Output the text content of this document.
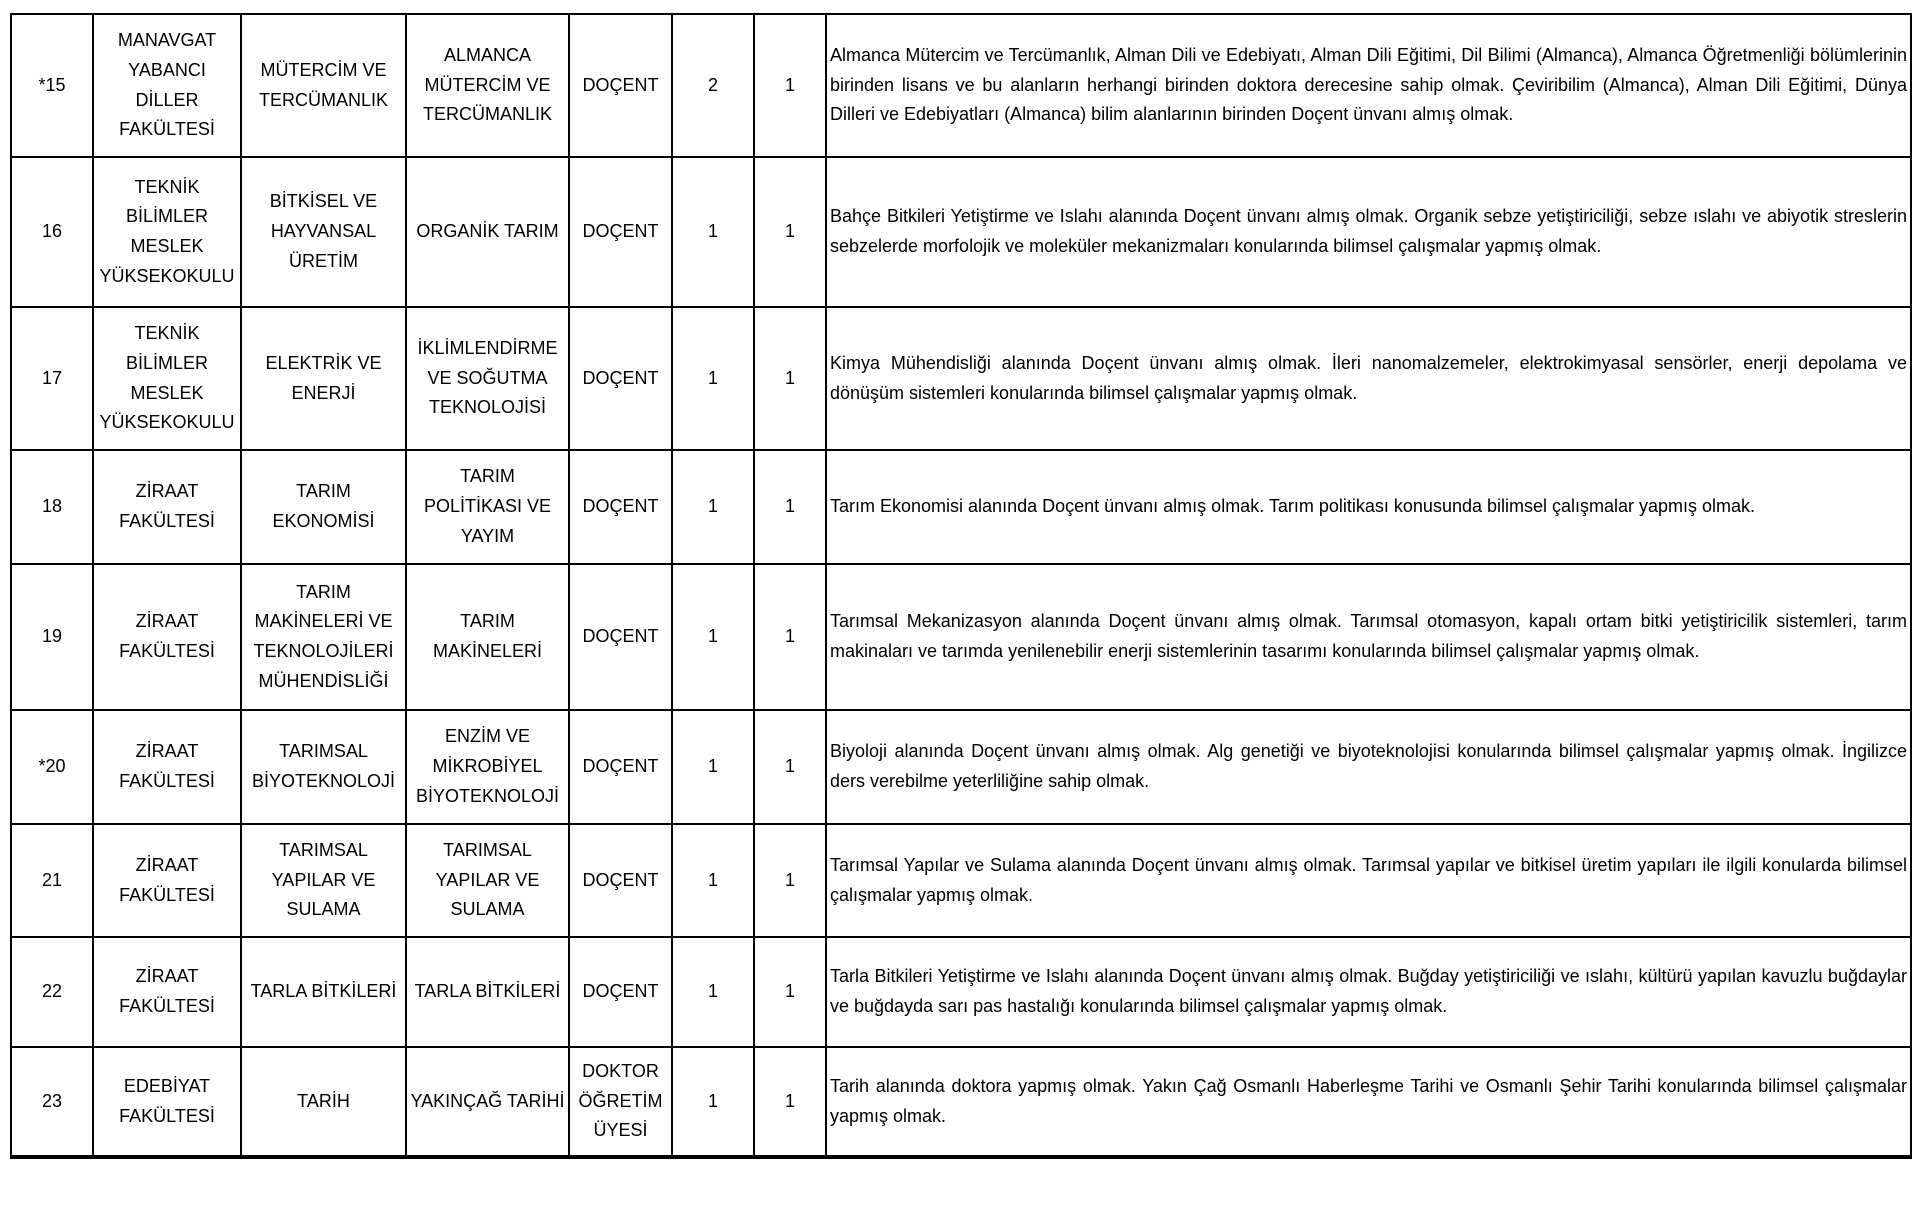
*15	MANAVGAT YABANCI DİLLER FAKÜLTESİ	MÜTERCİM VE TERCÜMANLIK	ALMANCA MÜTERCİM VE TERCÜMANLIK	DOÇENT	2	1	Almanca Mütercim ve Tercümanlık, Alman Dili ve Edebiyatı, Alman Dili Eğitimi, Dil Bilimi (Almanca), Almanca Öğretmenliği bölümlerinin birinden lisans ve bu alanların herhangi birinden doktora derecesine sahip olmak. Çeviribilim (Almanca), Alman Dili Eğitimi, Dünya Dilleri ve Edebiyatları (Almanca) bilim alanlarının birinden Doçent ünvanı almış olmak.
16	TEKNİK BİLİMLER MESLEK YÜKSEKOKULU	BİTKİSEL VE HAYVANSAL ÜRETİM	ORGANİK TARIM	DOÇENT	1	1	Bahçe Bitkileri Yetiştirme ve Islahı alanında Doçent ünvanı almış olmak. Organik sebze yetiştiriciliği, sebze ıslahı ve abiyotik streslerin sebzelerde morfolojik ve moleküler mekanizmaları konularında bilimsel çalışmalar yapmış olmak.
17	TEKNİK BİLİMLER MESLEK YÜKSEKOKULU	ELEKTRİK VE ENERJİ	İKLİMLENDİRME VE SOĞUTMA TEKNOLOJİSİ	DOÇENT	1	1	Kimya Mühendisliği alanında Doçent ünvanı almış olmak. İleri nanomalzemeler, elektrokimyasal sensörler, enerji depolama ve dönüşüm sistemleri konularında bilimsel çalışmalar yapmış olmak.
18	ZİRAAT FAKÜLTESİ	TARIM EKONOMİSİ	TARIM POLİTİKASI VE YAYIM	DOÇENT	1	1	Tarım Ekonomisi alanında Doçent ünvanı almış olmak. Tarım politikası konusunda bilimsel çalışmalar yapmış olmak.
19	ZİRAAT FAKÜLTESİ	TARIM MAKİNELERİ VE TEKNOLOJİLERİ MÜHENDİSLİĞİ	TARIM MAKİNELERİ	DOÇENT	1	1	Tarımsal Mekanizasyon alanında Doçent ünvanı almış olmak. Tarımsal otomasyon, kapalı ortam bitki yetiştiricilik sistemleri, tarım makinaları ve tarımda yenilenebilir enerji sistemlerinin tasarımı konularında bilimsel çalışmalar yapmış olmak.
*20	ZİRAAT FAKÜLTESİ	TARIMSAL BİYOTEKNOLOJİ	ENZİM VE MİKROBİYEL BİYOTEKNOLOJİ	DOÇENT	1	1	Biyoloji alanında Doçent ünvanı almış olmak. Alg genetiği ve biyoteknolojisi konularında bilimsel çalışmalar yapmış olmak. İngilizce ders verebilme yeterliliğine sahip olmak.
21	ZİRAAT FAKÜLTESİ	TARIMSAL YAPILAR VE SULAMA	TARIMSAL YAPILAR VE SULAMA	DOÇENT	1	1	Tarımsal Yapılar ve Sulama alanında Doçent ünvanı almış olmak. Tarımsal yapılar ve bitkisel üretim yapıları ile ilgili konularda bilimsel çalışmalar yapmış olmak.
22	ZİRAAT FAKÜLTESİ	TARLA BİTKİLERİ	TARLA BİTKİLERİ	DOÇENT	1	1	Tarla Bitkileri Yetiştirme ve Islahı alanında Doçent ünvanı almış olmak. Buğday yetiştiriciliği ve ıslahı, kültürü yapılan kavuzlu buğdaylar ve buğdayda sarı pas hastalığı konularında bilimsel çalışmalar yapmış olmak.
23	EDEBİYAT FAKÜLTESİ	TARİH	YAKINÇAĞ TARİHİ	DOKTOR ÖĞRETİM ÜYESİ	1	1	Tarih alanında doktora yapmış olmak. Yakın Çağ Osmanlı Haberleşme Tarihi ve Osmanlı Şehir Tarihi konularında bilimsel çalışmalar yapmış olmak.
